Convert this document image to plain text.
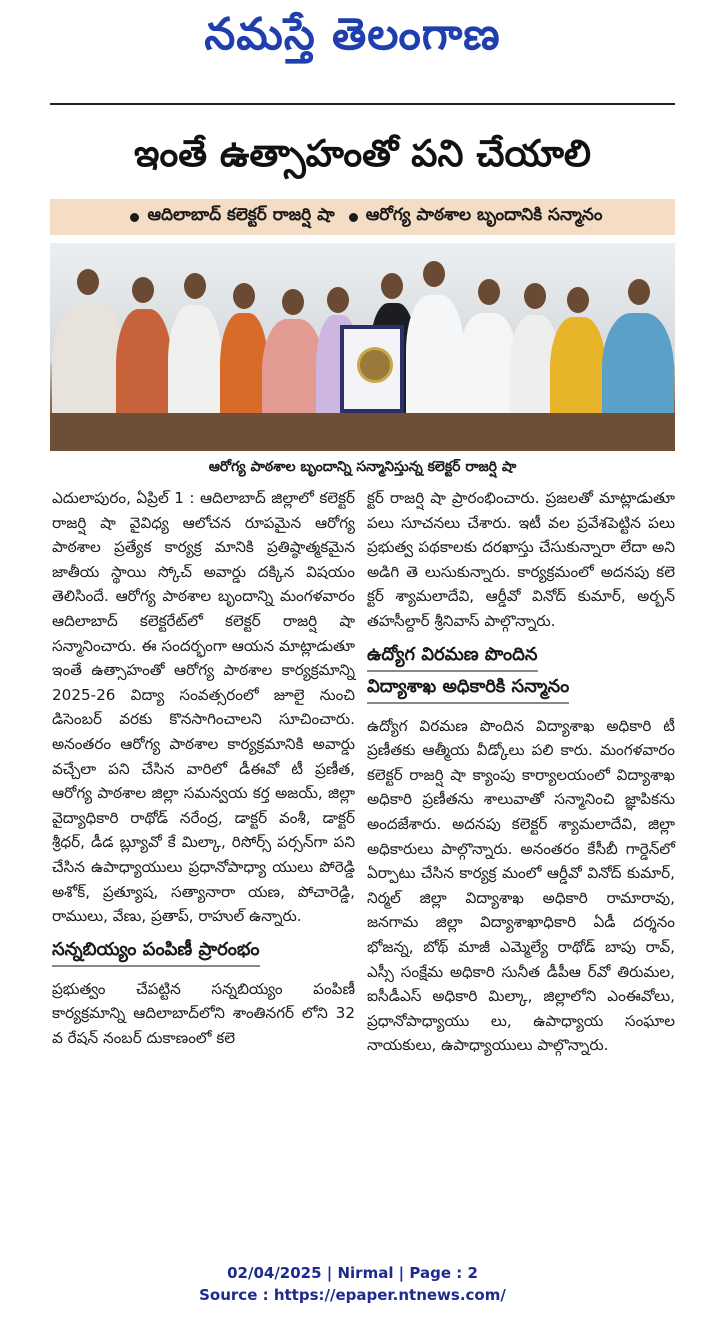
నమస్తే తెలంగాణ
ఇంతే ఉత్సాహంతో పని చేయాలి
ఆదిలాబాద్ కలెక్టర్ రాజర్షి షా ఆరోగ్య పాఠశాల బృందానికి సన్మానం
ఆరోగ్య పాఠశాల బృందాన్ని సన్మానిస్తున్న కలెక్టర్ రాజర్షి షా

ఎదులాపురం, ఏప్రిల్ 1 : ఆదిలాబాద్ జిల్లాలో కలెక్టర్ రాజర్షి షా వైవిధ్య ఆలోచన రూపమైన ఆరోగ్య పాఠశాల ప్రత్యేక కార్యక్ర మానికి ప్రతిష్ఠాత్మకమైన జాతీయ స్థాయి స్కోచ్ అవార్డు దక్కిన విషయం తెలిసిందే. ఆరోగ్య పాఠశాల బృందాన్ని మంగళవారం ఆదిలాబాద్ కలెక్టరేట్‌లో కలెక్టర్ రాజర్షి షా సన్మానించారు. ఈ సందర్భంగా ఆయన మాట్లాడుతూ ఇంతే ఉత్సాహంతో ఆరోగ్య పాఠశాల కార్యక్రమాన్ని 2025-26 విద్యా సంవత్సరంలో జూలై నుంచి డిసెంబర్ వరకు కొనసాగించాలని సూచించారు. అనంతరం ఆరోగ్య పాఠశాల కార్యక్రమానికి అవార్డు వచ్చేలా పని చేసిన వారిలో డీఈవో టీ ప్రణీత, ఆరోగ్య పాఠశాల జిల్లా సమన్వయ కర్త అజయ్, జిల్లా వైద్యాధికారి రాథోడ్ నరేంద్ర, డాక్టర్ వంశీ, డాక్టర్ శ్రీధర్, డీడ బ్ల్యూవో కే మిల్కా, రిసోర్స్ పర్సన్‌గా పని చేసిన ఉపాధ్యాయులు ప్రధానోపాధ్యా యులు పోరెడ్డి అశోక్, ప్రత్యూష, సత్యానారా యణ, పోచారెడ్డి, రాములు, వేణు, ప్రతాప్, రాహుల్ ఉన్నారు.

సన్నబియ్యం పంపిణీ ప్రారంభం

ప్రభుత్వం చేపట్టిన సన్నబియ్యం పంపిణీ కార్యక్రమాన్ని ఆదిలాబాద్‌లోని శాంతినగర్ లోని 32 వ రేషన్ నంబర్ దుకాణంలో కలె

క్టర్ రాజర్షి షా ప్రారంభించారు. ప్రజలతో మాట్లాడుతూ పలు సూచనలు చేశారు. ఇటీ వల ప్రవేశపెట్టిన పలు ప్రభుత్వ పథకాలకు దరఖాస్తు చేసుకున్నారా లేదా అని అడిగి తె లుసుకున్నారు. కార్యక్రమంలో అదనపు కలె క్టర్ శ్యామలాదేవి, ఆర్డీవో వినోద్ కుమార్, అర్బన్ తహసీల్దార్ శ్రీనివాస్ పాల్గొన్నారు.

ఉద్యోగ విరమణ పొందిన

విద్యాశాఖ అధికారికి సన్మానం

ఉద్యోగ విరమణ పొందిన విద్యాశాఖ అధికారి టీ ప్రణీతకు ఆత్మీయ వీడ్కోలు పలి కారు. మంగళవారం కలెక్టర్ రాజర్షి షా క్యాంపు కార్యాలయంలో విద్యాశాఖ అధికారి ప్రణీతను శాలువాతో సన్మానించి జ్ఞాపికను అందజేశారు. అదనపు కలెక్టర్ శ్యామలాదేవి, జిల్లా అధికారులు పాల్గొన్నారు. అనంతరం కేసీబీ గార్డెన్‌లో ఏర్పాటు చేసిన కార్యక్ర మంలో ఆర్డీవో వినోద్ కుమార్, నిర్మల్ జిల్లా విద్యాశాఖ అధికారి రామారావు, జనగామ జిల్లా విద్యాశాఖాధికారి ఏడీ దర్శనం భోజన్న, బోథ్ మాజీ ఎమ్మెల్యే రాథోడ్ బాపు రావ్, ఎస్సీ సంక్షేమ అధికారి సునీత డీపీఆ ర్‌వో తిరుమల, ఐసీడీఎస్ అధికారి మిల్కా, జిల్లాలోని ఎంఈవోలు, ప్రధానోపాధ్యాయు లు, ఉపాధ్యాయ సంఘాల నాయకులు, ఉపాధ్యాయులు పాల్గొన్నారు.

02/04/2025 | Nirmal | Page : 2
Source : https://epaper.ntnews.com/
